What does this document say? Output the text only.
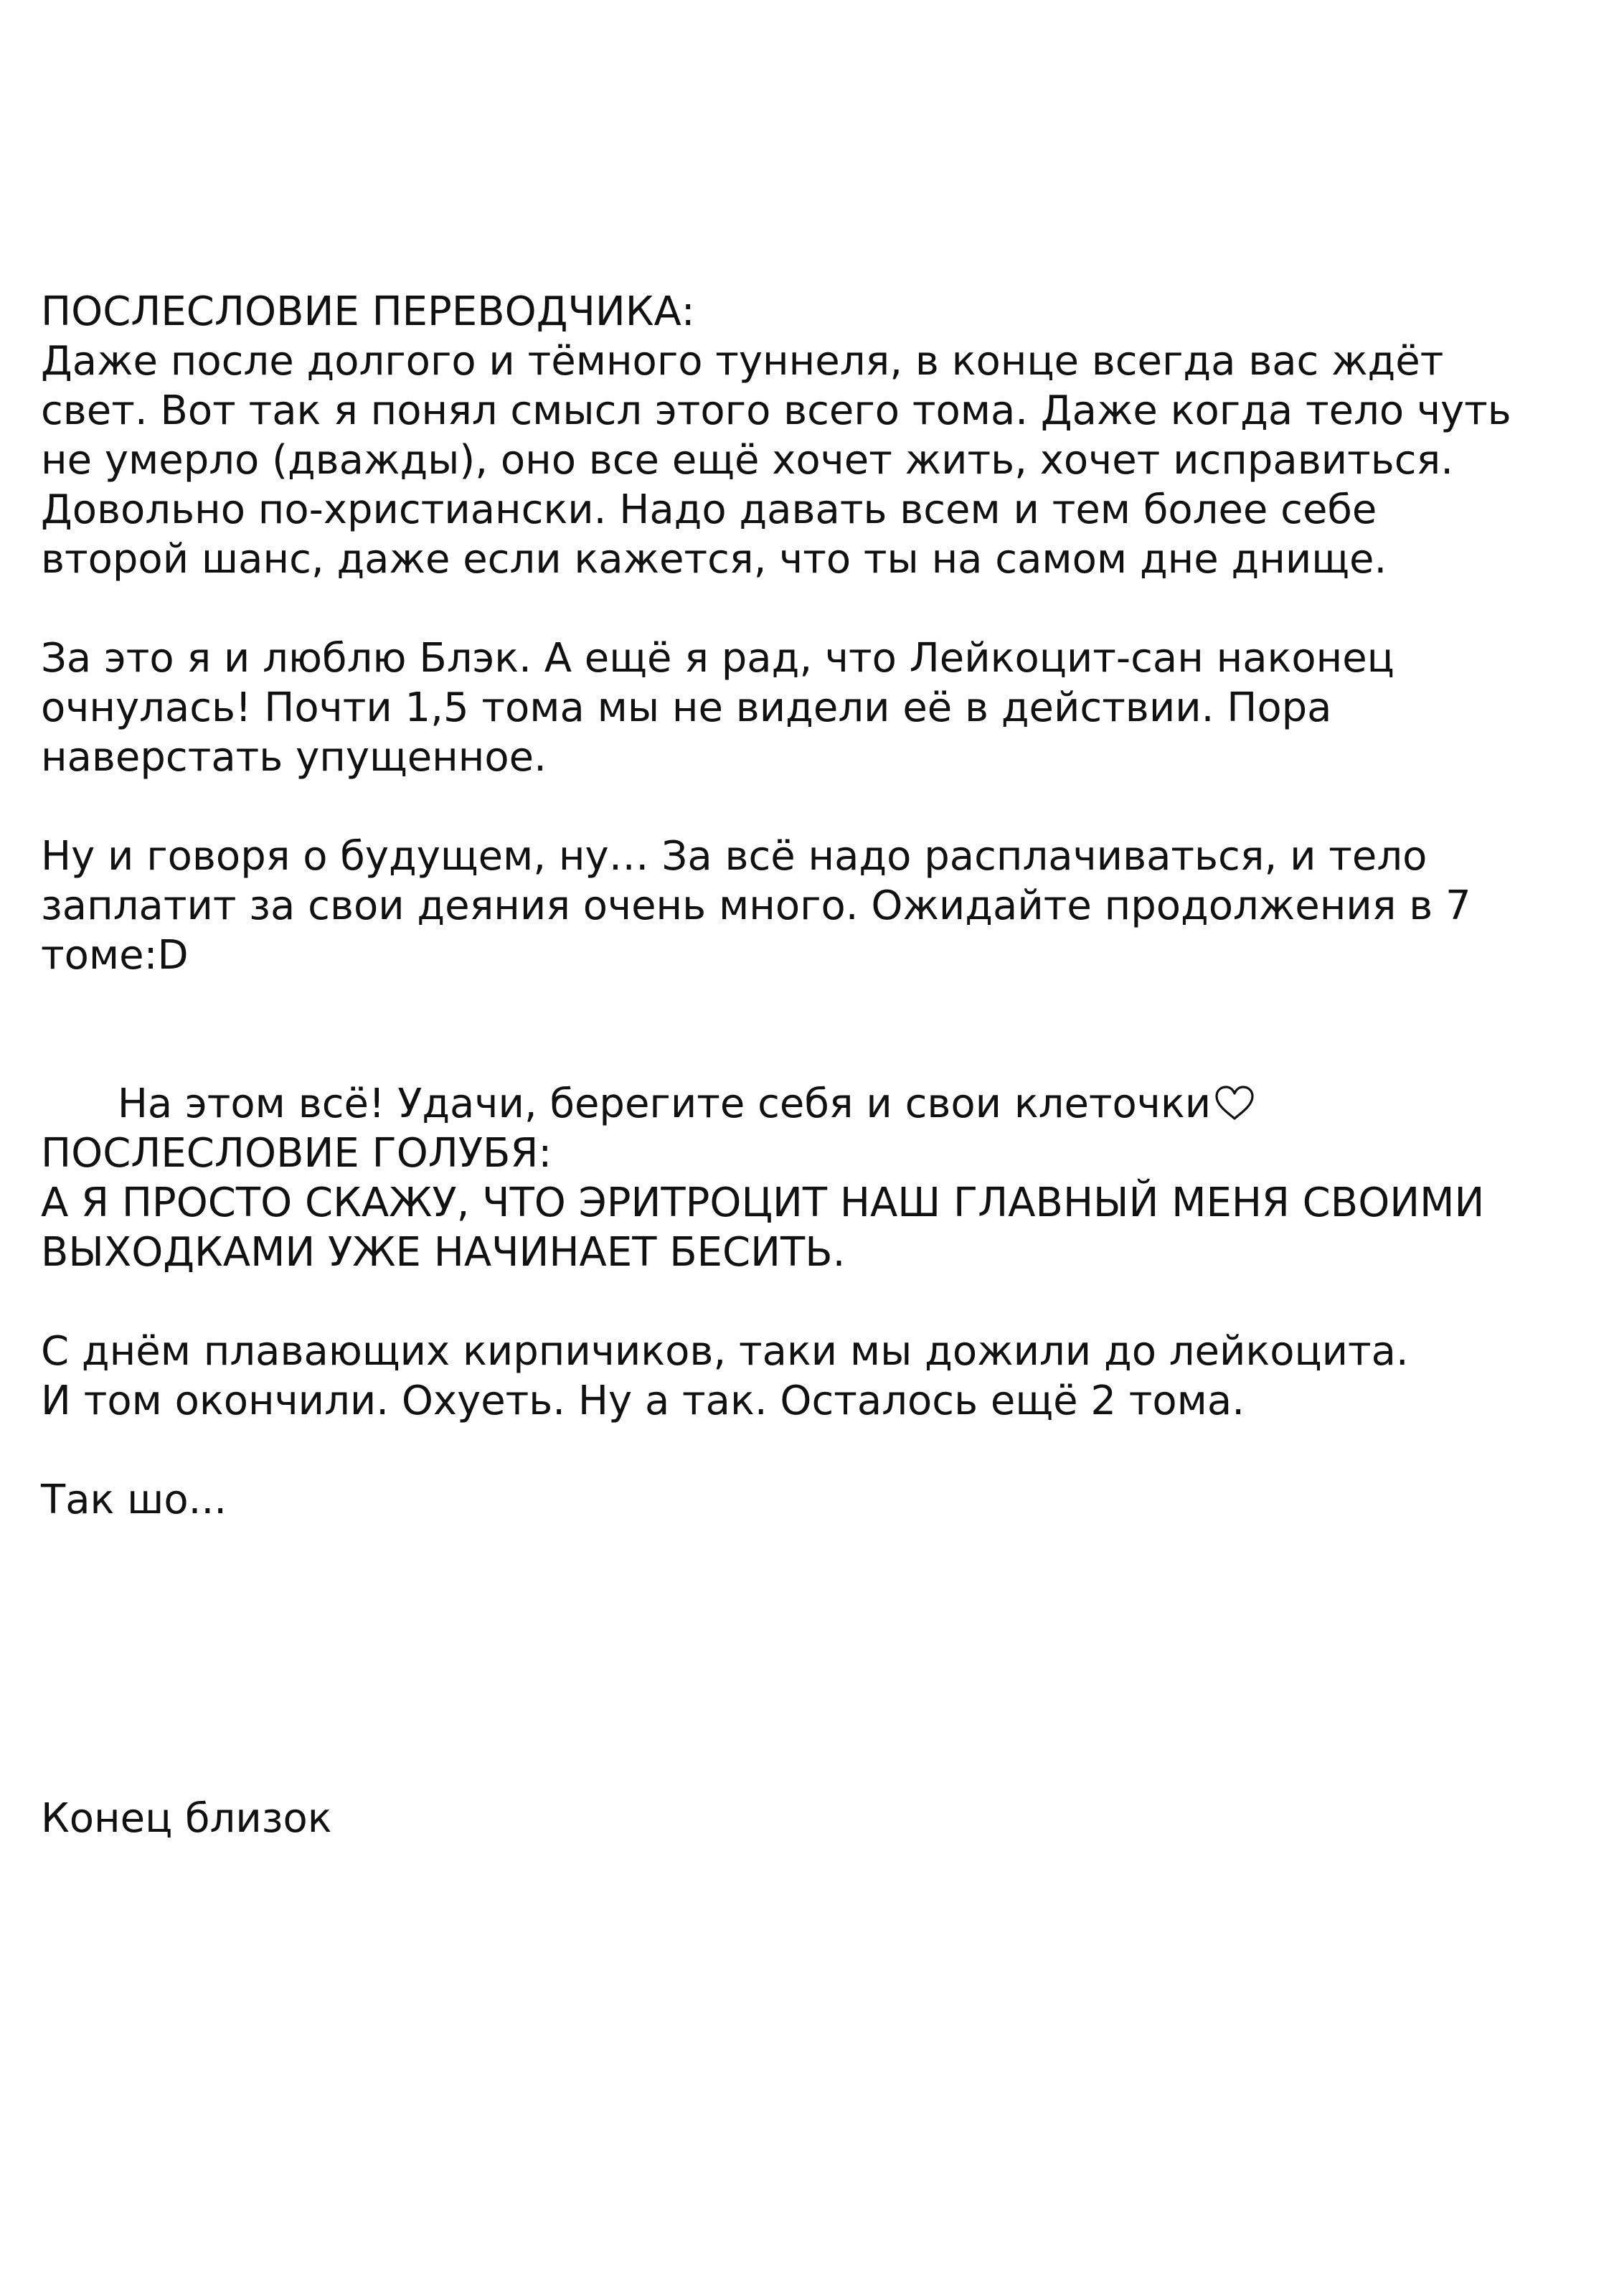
ПОСЛЕСЛОВИЕ ПЕРЕВОДЧИКА:
Даже после долгого и тёмного туннеля, в конце всегда вас ждёт
свет. Вот так я понял смысл этого всего тома. Даже когда тело чуть
не умерло (дважды), оно все ещё хочет жить, хочет исправиться.
Довольно по-христиански. Надо давать всем и тем более себе
второй шанс, даже если кажется, что ты на самом дне днище.
За это я и люблю Блэк. А ещё я рад, что Лейкоцит-сан наконец
очнулась! Почти 1,5 тома мы не видели её в действии. Пора
наверстать упущенное.
Ну и говоря о будущем, ну… За всё надо расплачиваться, и тело
заплатит за свои деяния очень много. Ожидайте продолжения в 7
томе:D

На этом всё! Удачи, берегите себя и свои клеточки

ПОСЛЕСЛОВИЕ ГОЛУБЯ:
А Я ПРОСТО СКАЖУ, ЧТО ЭРИТРОЦИТ НАШ ГЛАВНЫЙ МЕНЯ СВОИМИ
ВЫХОДКАМИ УЖЕ НАЧИНАЕТ БЕСИТЬ.
С днём плавающих кирпичиков, таки мы дожили до лейкоцита.
И том окончили. Охуеть. Ну а так. Осталось ещё 2 тома.
Так шо...
Конец близок
